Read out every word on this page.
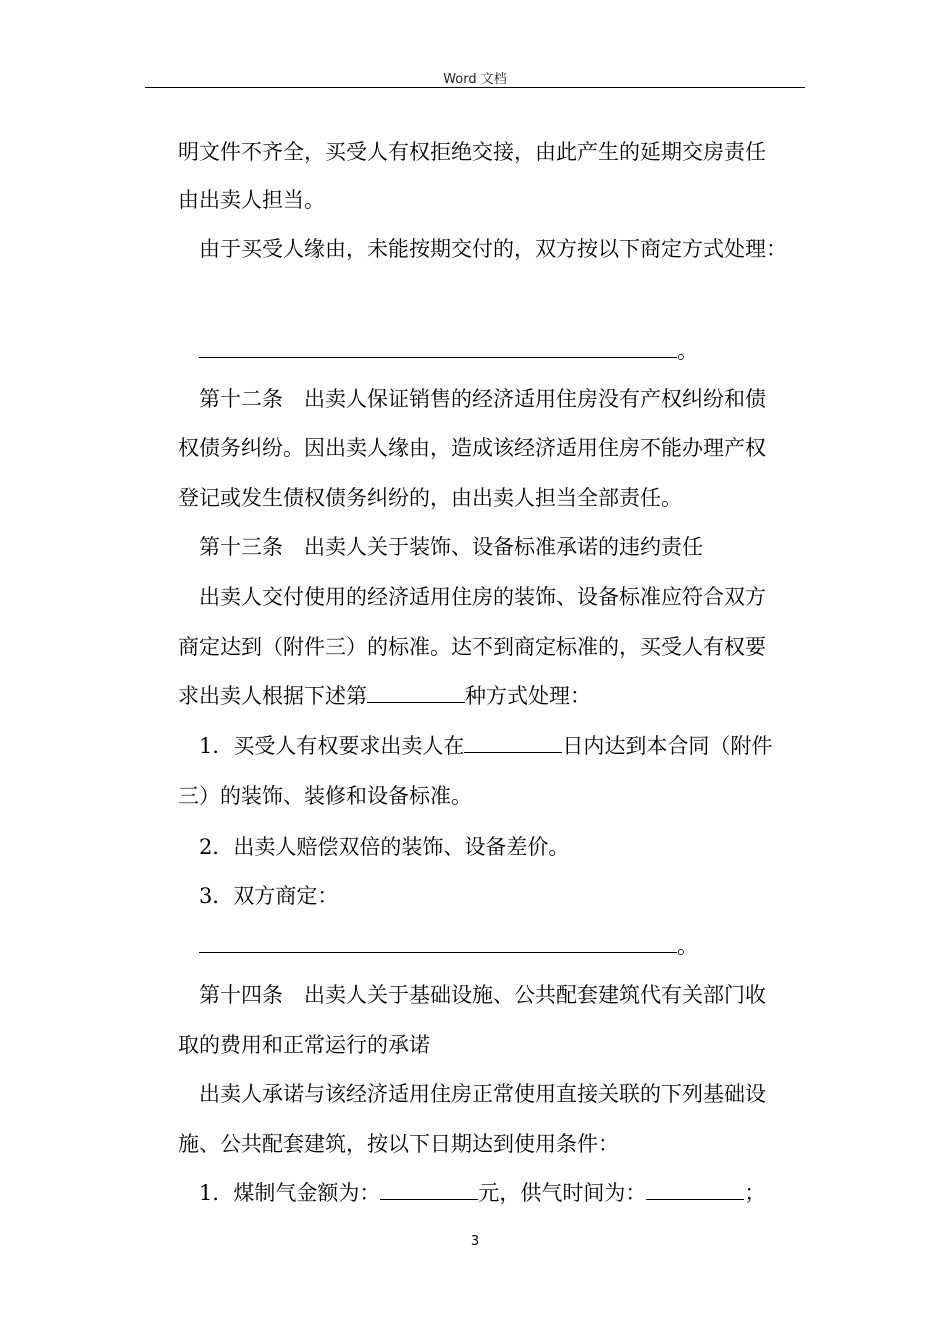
Word 文档
明文件不齐全，买受人有权拒绝交接，由此产生的延期交房责任
由出卖人担当。
由于买受人缘由，未能按期交付的，双方按以下商定方式处理：
。
第十二条　出卖人保证销售的经济适用住房没有产权纠纷和债
权债务纠纷。因出卖人缘由，造成该经济适用住房不能办理产权
登记或发生债权债务纠纷的，由出卖人担当全部责任。
第十三条　出卖人关于装饰、设备标准承诺的违约责任
出卖人交付使用的经济适用住房的装饰、设备标准应符合双方
商定达到（附件三）的标准。达不到商定标准的，买受人有权要
求出卖人根据下述第	种方式处理：
1．买受人有权要求出卖人在	日内达到本合同（附件
三）的装饰、装修和设备标准。
2．出卖人赔偿双倍的装饰、设备差价。
3．双方商定：
。
第十四条　出卖人关于基础设施、公共配套建筑代有关部门收
取的费用和正常运行的承诺
出卖人承诺与该经济适用住房正常使用直接关联的下列基础设
施、公共配套建筑，按以下日期达到使用条件：
1．煤制气金额为：	元，供气时间为：	；
3
